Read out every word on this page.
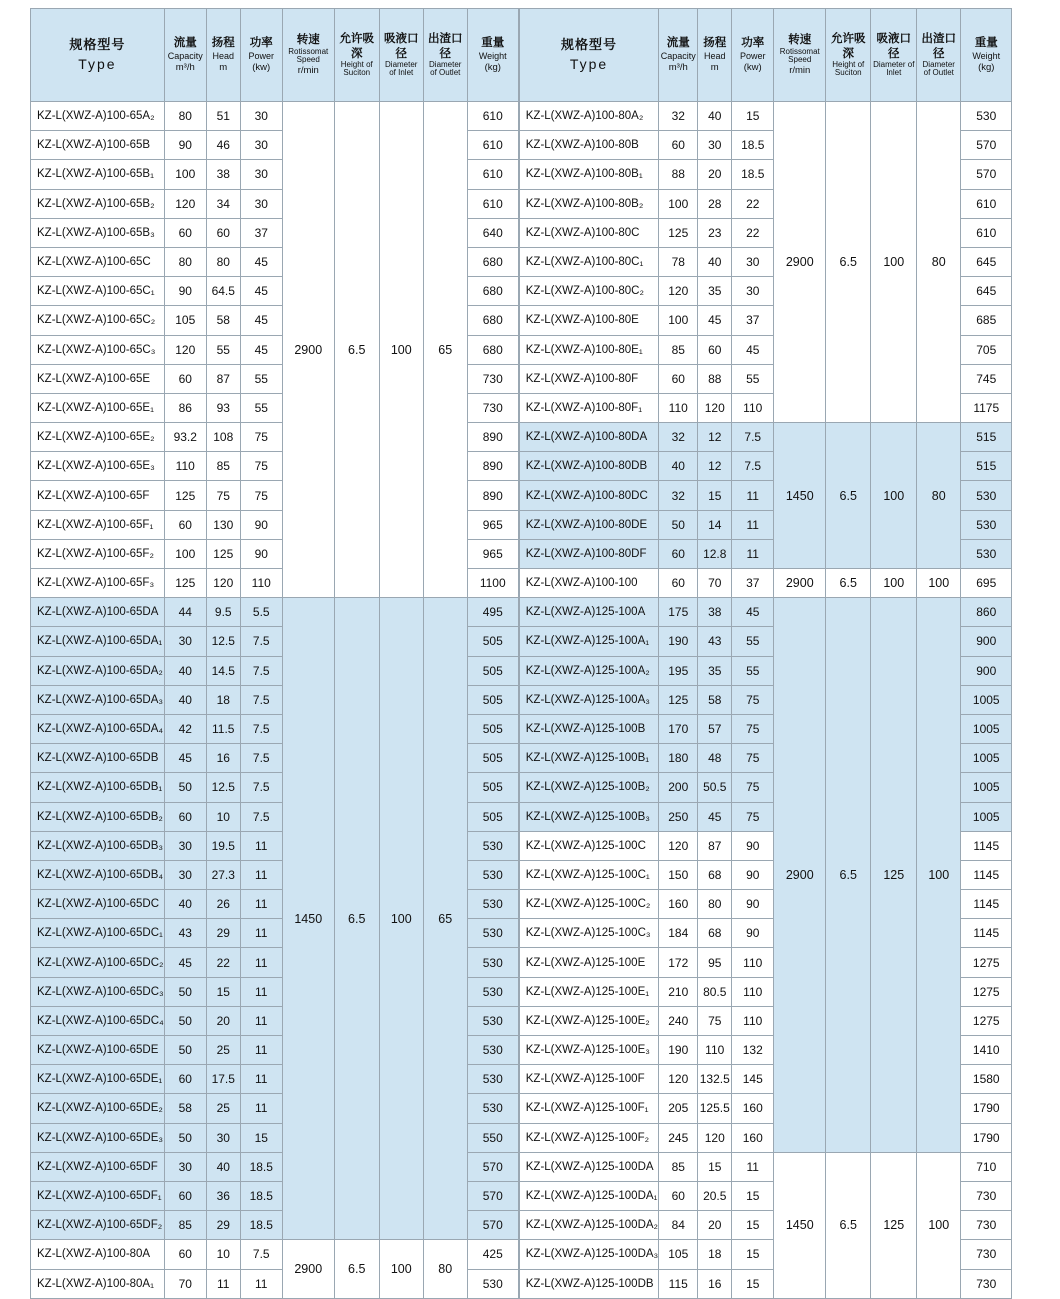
规格型号
Type

流量
Capacity
m³/h

扬程
Head
m

功率
Power
(kw)

转速
Rotissomat Speed
r/min

允许吸深
Height of Suciton

吸液口径
Diameter of Inlet

出渣口径
Diameter of Outlet

重量
Weight
(kg)

KZ-L(XWZ-A)100-65A₂	80	51	30	2900	6.5	100	65	610
KZ-L(XWZ-A)100-65B	90	46	30					610
KZ-L(XWZ-A)100-65B₁	100	38	30					610
KZ-L(XWZ-A)100-65B₂	120	34	30					610
KZ-L(XWZ-A)100-65B₃	60	60	37					640
KZ-L(XWZ-A)100-65C	80	80	45					680
KZ-L(XWZ-A)100-65C₁	90	64.5	45					680
KZ-L(XWZ-A)100-65C₂	105	58	45					680
KZ-L(XWZ-A)100-65C₃	120	55	45					680
KZ-L(XWZ-A)100-65E	60	87	55					730
KZ-L(XWZ-A)100-65E₁	86	93	55					730
KZ-L(XWZ-A)100-65E₂	93.2	108	75					890
KZ-L(XWZ-A)100-65E₃	110	85	75					890
KZ-L(XWZ-A)100-65F	125	75	75					890
KZ-L(XWZ-A)100-65F₁	60	130	90					965
KZ-L(XWZ-A)100-65F₂	100	125	90					965
KZ-L(XWZ-A)100-65F₃	125	120	110					1100
KZ-L(XWZ-A)100-65DA	44	9.5	5.5	1450	6.5	100	65	495
KZ-L(XWZ-A)100-65DA₁	30	12.5	7.5					505
KZ-L(XWZ-A)100-65DA₂	40	14.5	7.5					505
KZ-L(XWZ-A)100-65DA₃	40	18	7.5					505
KZ-L(XWZ-A)100-65DA₄	42	11.5	7.5					505
KZ-L(XWZ-A)100-65DB	45	16	7.5					505
KZ-L(XWZ-A)100-65DB₁	50	12.5	7.5					505
KZ-L(XWZ-A)100-65DB₂	60	10	7.5					505
KZ-L(XWZ-A)100-65DB₃	30	19.5	11					530
KZ-L(XWZ-A)100-65DB₄	30	27.3	11					530
KZ-L(XWZ-A)100-65DC	40	26	11					530
KZ-L(XWZ-A)100-65DC₁	43	29	11					530
KZ-L(XWZ-A)100-65DC₂	45	22	11					530
KZ-L(XWZ-A)100-65DC₃	50	15	11					530
KZ-L(XWZ-A)100-65DC₄	50	20	11					530
KZ-L(XWZ-A)100-65DE	50	25	11					530
KZ-L(XWZ-A)100-65DE₁	60	17.5	11					530
KZ-L(XWZ-A)100-65DE₂	58	25	11					530
KZ-L(XWZ-A)100-65DE₃	50	30	15					550
KZ-L(XWZ-A)100-65DF	30	40	18.5					570
KZ-L(XWZ-A)100-65DF₁	60	36	18.5					570
KZ-L(XWZ-A)100-65DF₂	85	29	18.5					570
KZ-L(XWZ-A)100-80A	60	10	7.5	2900	6.5	100	80	425
KZ-L(XWZ-A)100-80A₁	70	11	11					530
规格型号
Type

流量
Capacity
m³/h

扬程
Head
m

功率
Power
(kw)

转速
Rotissomat Speed
r/min

允许吸深
Height of Suciton

吸液口径
Diameter of Inlet

出渣口径
Diameter of Outlet

重量
Weight
(kg)

KZ-L(XWZ-A)100-80A₂	32	40	15	2900	6.5	100	80	530
KZ-L(XWZ-A)100-80B	60	30	18.5					570
KZ-L(XWZ-A)100-80B₁	88	20	18.5					570
KZ-L(XWZ-A)100-80B₂	100	28	22					610
KZ-L(XWZ-A)100-80C	125	23	22					610
KZ-L(XWZ-A)100-80C₁	78	40	30					645
KZ-L(XWZ-A)100-80C₂	120	35	30					645
KZ-L(XWZ-A)100-80E	100	45	37					685
KZ-L(XWZ-A)100-80E₁	85	60	45					705
KZ-L(XWZ-A)100-80F	60	88	55					745
KZ-L(XWZ-A)100-80F₁	110	120	110					1175
KZ-L(XWZ-A)100-80DA	32	12	7.5	1450	6.5	100	80	515
KZ-L(XWZ-A)100-80DB	40	12	7.5					515
KZ-L(XWZ-A)100-80DC	32	15	11					530
KZ-L(XWZ-A)100-80DE	50	14	11					530
KZ-L(XWZ-A)100-80DF	60	12.8	11					530
KZ-L(XWZ-A)100-100	60	70	37	2900	6.5	100	100	695
KZ-L(XWZ-A)125-100A	175	38	45	2900	6.5	125	100	860
KZ-L(XWZ-A)125-100A₁	190	43	55					900
KZ-L(XWZ-A)125-100A₂	195	35	55					900
KZ-L(XWZ-A)125-100A₃	125	58	75					1005
KZ-L(XWZ-A)125-100B	170	57	75					1005
KZ-L(XWZ-A)125-100B₁	180	48	75					1005
KZ-L(XWZ-A)125-100B₂	200	50.5	75					1005
KZ-L(XWZ-A)125-100B₃	250	45	75					1005
KZ-L(XWZ-A)125-100C	120	87	90					1145
KZ-L(XWZ-A)125-100C₁	150	68	90					1145
KZ-L(XWZ-A)125-100C₂	160	80	90					1145
KZ-L(XWZ-A)125-100C₃	184	68	90					1145
KZ-L(XWZ-A)125-100E	172	95	110					1275
KZ-L(XWZ-A)125-100E₁	210	80.5	110					1275
KZ-L(XWZ-A)125-100E₂	240	75	110					1275
KZ-L(XWZ-A)125-100E₃	190	110	132					1410
KZ-L(XWZ-A)125-100F	120	132.5	145					1580
KZ-L(XWZ-A)125-100F₁	205	125.5	160					1790
KZ-L(XWZ-A)125-100F₂	245	120	160					1790
KZ-L(XWZ-A)125-100DA	85	15	11	1450	6.5	125	100	710
KZ-L(XWZ-A)125-100DA₁	60	20.5	15					730
KZ-L(XWZ-A)125-100DA₂	84	20	15					730
KZ-L(XWZ-A)125-100DA₃	105	18	15					730
KZ-L(XWZ-A)125-100DB	115	16	15					730
